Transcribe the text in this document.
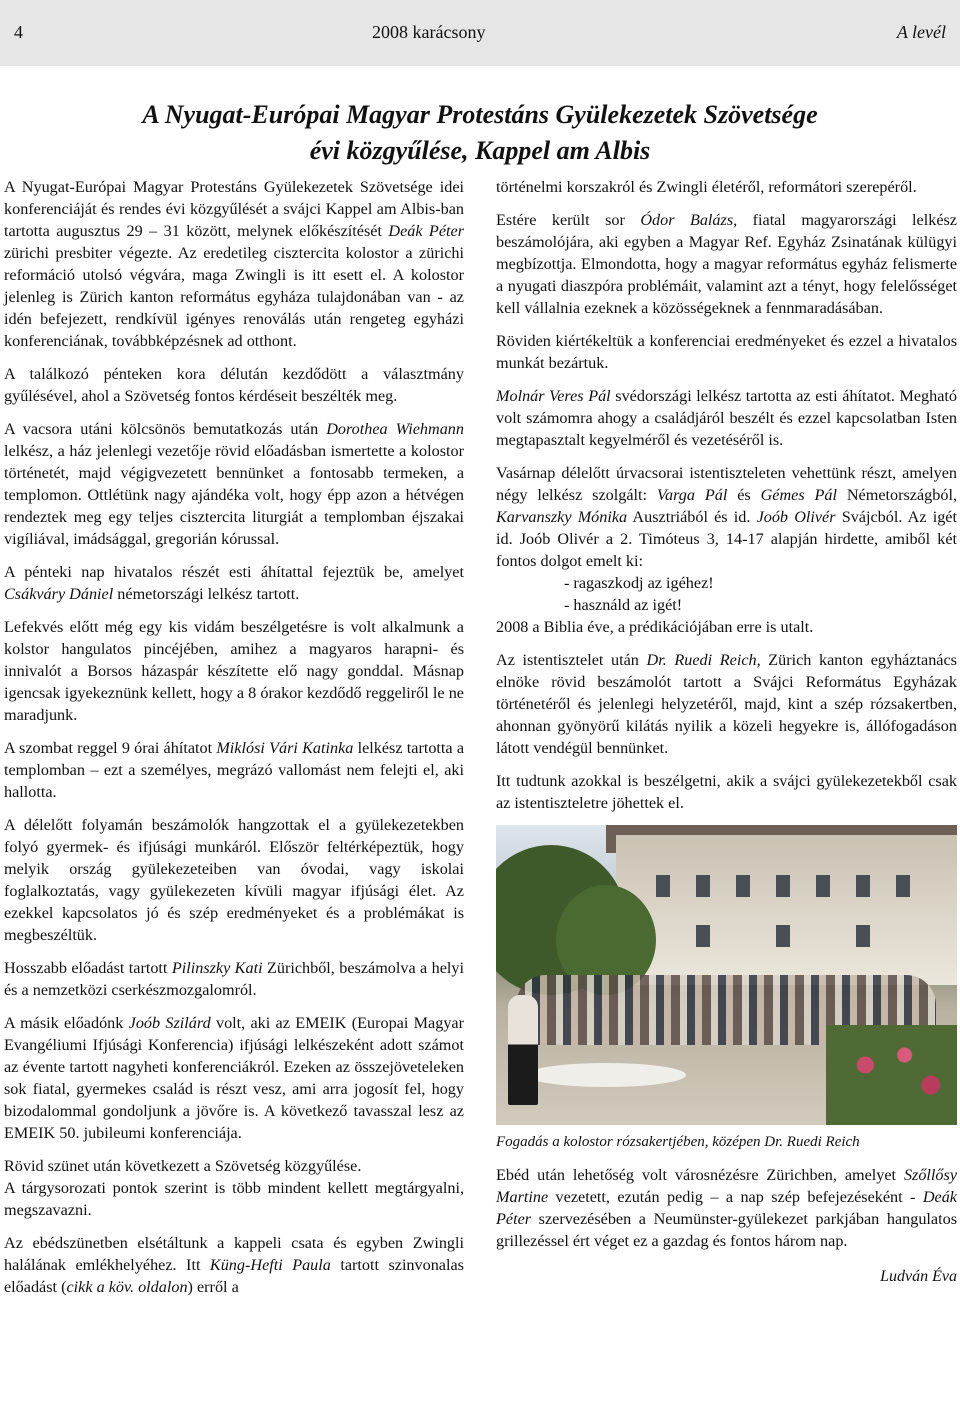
4	2008 karácsony	A levél
A Nyugat-Európai Magyar Protestáns Gyülekezetek Szövetsége
évi közgyűlése, Kappel am Albis

A Nyugat-Európai Magyar Protestáns Gyülekezetek Szövetsége idei konferenciáját és rendes évi közgyűlését a svájci Kappel am Albis-ban tartotta augusztus 29 – 31 között, melynek előkészítését Deák Péter zürichi presbiter végezte. Az eredetileg cisztercita kolostor a zürichi reformáció utolsó végvára, maga Zwingli is itt esett el. A kolostor jelenleg is Zürich kanton református egyháza tulajdonában van - az idén befejezett, rendkívül igényes renoválás után rengeteg egyházi konferenciának, továbbképzésnek ad otthont.

A találkozó pénteken kora délután kezdődött a választmány gyűlésével, ahol a Szövetség fontos kérdéseit beszélték meg.

A vacsora utáni kölcsönös bemutatkozás után Dorothea Wiehmann lelkész, a ház jelenlegi vezetője rövid előadásban ismertette a kolostor történetét, majd végigvezetett bennünket a fontosabb termeken, a templomon. Ottlétünk nagy ajándéka volt, hogy épp azon a hétvégen rendeztek meg egy teljes cisztercita liturgiát a templomban éjszakai vigíliával, imádsággal, gregorián kórussal.

A pénteki nap hivatalos részét esti áhítattal fejeztük be, amelyet Csákváry Dániel németországi lelkész tartott.

Lefekvés előtt még egy kis vidám beszélgetésre is volt alkalmunk a kolstor hangulatos pincéjében, amihez a magyaros harapni- és innivalót a Borsos házaspár készítette elő nagy gonddal. Másnap igencsak igyekeznünk kellett, hogy a 8 órakor kezdődő reggeliről le ne maradjunk.

A szombat reggel 9 órai áhítatot Miklósi Vári Katinka lelkész tartotta a templomban – ezt a személyes, megrázó vallomást nem felejti el, aki hallotta.

A délelőtt folyamán beszámolók hangzottak el a gyülekezetekben folyó gyermek- és ifjúsági munkáról. Először feltérképeztük, hogy melyik ország gyülekezeteiben van óvodai, vagy iskolai foglalkoztatás, vagy gyülekezeten kívüli magyar ifjúsági élet. Az ezekkel kapcsolatos jó és szép eredményeket és a problémákat is megbeszéltük.

Hosszabb előadást tartott Pilinszky Kati Zürichből, beszámolva a helyi és a nemzetközi cserkészmozgalomról.

A másik előadónk Joób Szilárd volt, aki az EMEIK (Europai Magyar Evangéliumi Ifjúsági Konferencia) ifjúsági lelkészeként adott számot az évente tartott nagyheti konferenciákról. Ezeken az összejöveteleken sok fiatal, gyermekes család is részt vesz, ami arra jogosít fel, hogy bizodalommal gondoljunk a jövőre is. A következő tavasszal lesz az EMEIK 50. jubileumi konferenciája.

Rövid szünet után következett a Szövetség közgyűlése.

A tárgysorozati pontok szerint is több mindent kellett megtárgyalni, megszavazni.

Az ebédszünetben elsétáltunk a kappeli csata és egyben Zwingli halálának emlékhelyéhez. Itt Küng-Hefti Paula tartott szinvonalas előadást (cikk a köv. oldalon) erről a

történelmi korszakról és Zwingli életéről, reformátori szerepéről.

Estére került sor Ódor Balázs, fiatal magyarországi lelkész beszámolójára, aki egyben a Magyar Ref. Egyház Zsinatának külügyi megbízottja. Elmondotta, hogy a magyar református egyház felismerte a nyugati diaszpóra problémáit, valamint azt a tényt, hogy felelősséget kell vállalnia ezeknek a közösségeknek a fennmaradásában.

Röviden kiértékeltük a konferenciai eredményeket és ezzel a hivatalos munkát bezártuk.

Molnár Veres Pál svédországi lelkész tartotta az esti áhítatot. Megható volt számomra ahogy a családjáról beszélt és ezzel kapcsolatban Isten megtapasztalt kegyelméről és vezetéséről is.

Vasárnap délelőtt úrvacsorai istentiszteleten vehettünk részt, amelyen négy lelkész szolgált: Varga Pál és Gémes Pál Németországból, Karvanszky Mónika Ausztriából és id. Joób Olivér Svájcból. Az igét id. Joób Olivér a 2. Timóteus 3, 14-17 alapján hirdette, amiből két fontos dolgot emelt ki:

- ragaszkodj az igéhez!

- használd az igét!

2008 a Biblia éve, a prédikációjában erre is utalt.

Az istentisztelet után Dr. Ruedi Reich, Zürich kanton egyháztanács elnöke rövid beszámolót tartott a Svájci Református Egyházak történetéről és jelenlegi helyzetéről, majd, kint a szép rózsakertben, ahonnan gyönyörű kilátás nyilik a közeli hegyekre is, állófogadáson látott vendégül bennünket.

Itt tudtunk azokkal is beszélgetni, akik a svájci gyülekezetekből csak az istentiszteletre jöhettek el.

Fogadás a kolostor rózsakertjében, középen Dr. Ruedi Reich

Ebéd után lehetőség volt városnézésre Zürichben, amelyet Szőllősy Martine vezetett, ezután pedig – a nap szép befejezéseként - Deák Péter szervezésében a Neumünster-gyülekezet parkjában hangulatos grillezéssel ért véget ez a gazdag és fontos három nap.

Ludván Éva
